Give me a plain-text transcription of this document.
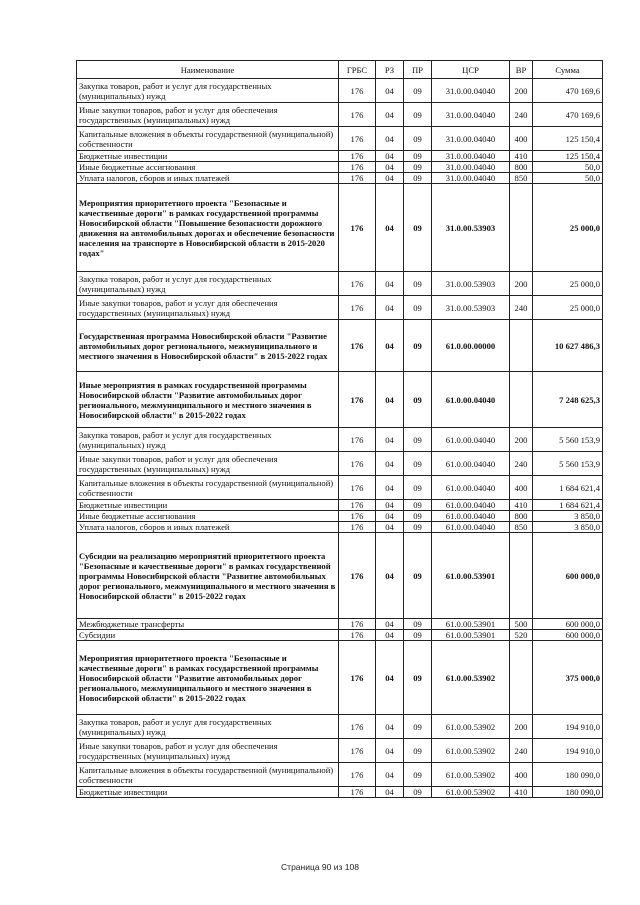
Наименование	ГРБС	РЗ	ПР	ЦСР	ВР	Сумма
Закупка товаров, работ и услуг для государственных (муниципальных) нужд	176	04	09	31.0.00.04040	200	470 169,6
Иные закупки товаров, работ и услуг для обеспечения государственных (муниципальных) нужд	176	04	09	31.0.00.04040	240	470 169,6
Капитальные вложения в объекты государственной (муниципальной) собственности	176	04	09	31.0.00.04040	400	125 150,4
Бюджетные инвестиции	176	04	09	31.0.00.04040	410	125 150,4
Иные бюджетные ассигнования	176	04	09	31.0.00.04040	800	50,0
Уплата налогов, сборов и иных платежей	176	04	09	31.0.00.04040	850	50,0
Мероприятия приоритетного проекта "Безопасные и качественные дороги" в рамках государственной программы Новосибирской области "Повышение безопасности дорожного движения на автомобильных дорогах и обеспечение безопасности населения на транспорте в Новосибирской области в 2015-2020 годах"	176	04	09	31.0.00.53903		25 000,0
Закупка товаров, работ и услуг для государственных (муниципальных) нужд	176	04	09	31.0.00.53903	200	25 000,0
Иные закупки товаров, работ и услуг для обеспечения государственных (муниципальных) нужд	176	04	09	31.0.00.53903	240	25 000,0
Государственная программа Новосибирской области "Развитие автомобильных дорог регионального, межмуниципального и местного значения в Новосибирской области" в 2015-2022 годах	176	04	09	61.0.00.00000		10 627 486,3
Иные мероприятия в рамках государственной программы Новосибирской области "Развитие автомобильных дорог регионального, межмуниципального и местного значения в Новосибирской области" в 2015-2022 годах	176	04	09	61.0.00.04040		7 248 625,3
Закупка товаров, работ и услуг для государственных (муниципальных) нужд	176	04	09	61.0.00.04040	200	5 560 153,9
Иные закупки товаров, работ и услуг для обеспечения государственных (муниципальных) нужд	176	04	09	61.0.00.04040	240	5 560 153,9
Капитальные вложения в объекты государственной (муниципальной) собственности	176	04	09	61.0.00.04040	400	1 684 621,4
Бюджетные инвестиции	176	04	09	61.0.00.04040	410	1 684 621,4
Иные бюджетные ассигнования	176	04	09	61.0.00.04040	800	3 850,0
Уплата налогов, сборов и иных платежей	176	04	09	61.0.00.04040	850	3 850,0
Субсидии на реализацию мероприятий приоритетного проекта "Безопасные и качественные дороги" в рамках государственной программы Новосибирской области "Развитие автомобильных дорог регионального, межмуниципального и местного значения в Новосибирской области" в 2015-2022 годах	176	04	09	61.0.00.53901		600 000,0
Межбюджетные трансферты	176	04	09	61.0.00.53901	500	600 000,0
Субсидии	176	04	09	61.0.00.53901	520	600 000,0
Мероприятия приоритетного проекта "Безопасные и качественные дороги" в рамках государственной программы Новосибирской области "Развитие автомобильных дорог регионального, межмуниципального и местного значения в Новосибирской области" в 2015-2022 годах	176	04	09	61.0.00.53902		375 000,0
Закупка товаров, работ и услуг для государственных (муниципальных) нужд	176	04	09	61.0.00.53902	200	194 910,0
Иные закупки товаров, работ и услуг для обеспечения государственных (муниципальных) нужд	176	04	09	61.0.00.53902	240	194 910,0
Капитальные вложения в объекты государственной (муниципальной) собственности	176	04	09	61.0.00.53902	400	180 090,0
Бюджетные инвестиции	176	04	09	61.0.00.53902	410	180 090,0
Страница 90 из 108
